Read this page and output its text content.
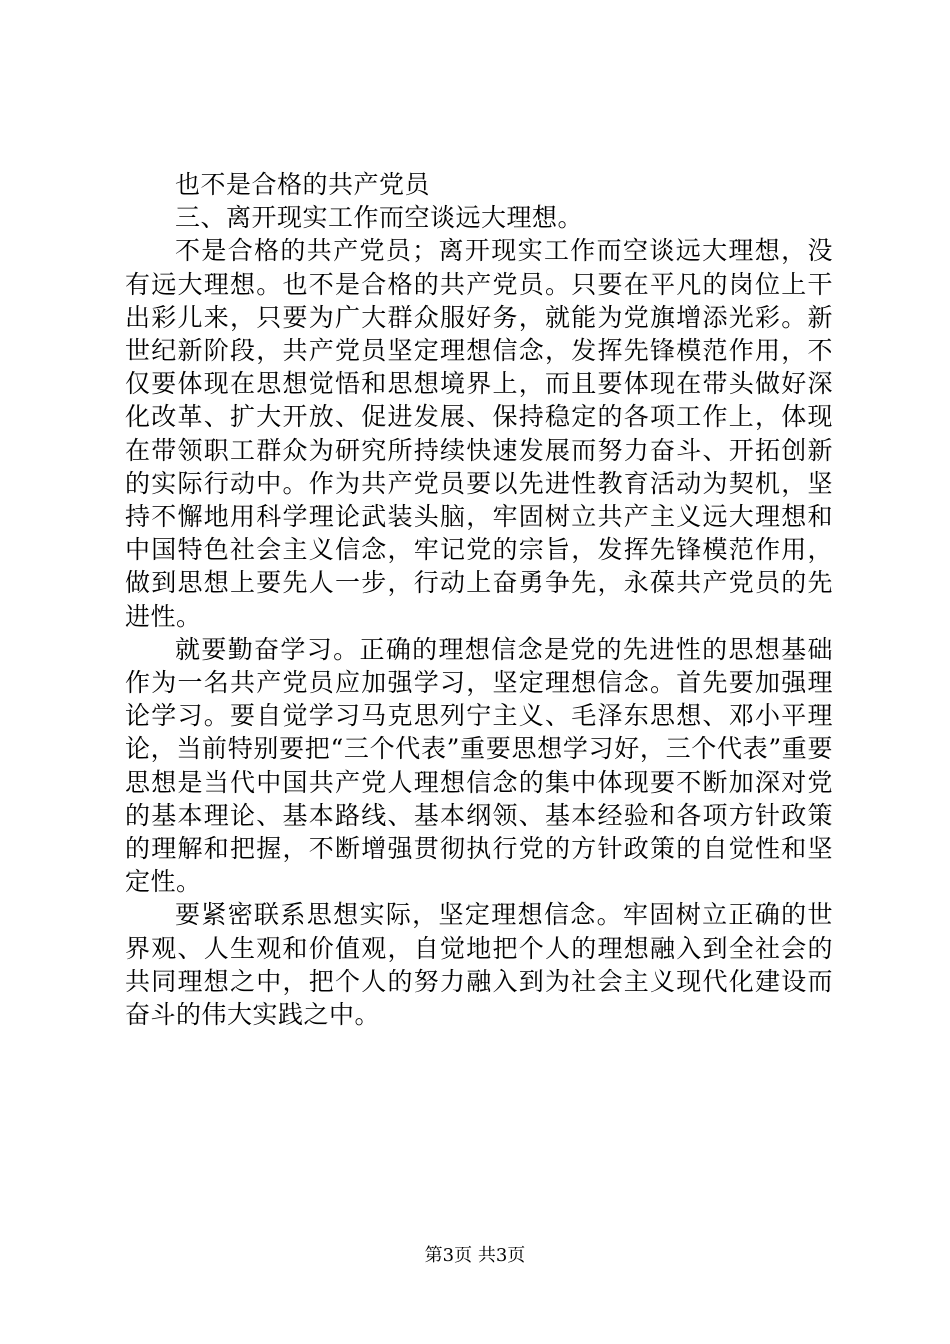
也不是合格的共产党员

三、离开现实工作而空谈远大理想。

不是合格的共产党员；离开现实工作而空谈远大理想，没有远大理想。也不是合格的共产党员。只要在平凡的岗位上干出彩儿来，只要为广大群众服好务，就能为党旗增添光彩。新世纪新阶段，共产党员坚定理想信念，发挥先锋模范作用，不仅要体现在思想觉悟和思想境界上，而且要体现在带头做好深化改革、扩大开放、促进发展、保持稳定的各项工作上，体现在带领职工群众为研究所持续快速发展而努力奋斗、开拓创新的实际行动中。作为共产党员要以先进性教育活动为契机，坚持不懈地用科学理论武装头脑，牢固树立共产主义远大理想和中国特色社会主义信念，牢记党的宗旨，发挥先锋模范作用，做到思想上要先人一步，行动上奋勇争先，永葆共产党员的先进性。

就要勤奋学习。正确的理想信念是党的先进性的思想基础作为一名共产党员应加强学习，坚定理想信念。首先要加强理论学习。要自觉学习马克思列宁主义、毛泽东思想、邓小平理论，当前特别要把“三个代表”重要思想学习好，三个代表”重要思想是当代中国共产党人理想信念的集中体现要不断加深对党的基本理论、基本路线、基本纲领、基本经验和各项方针政策的理解和把握，不断增强贯彻执行党的方针政策的自觉性和坚定性。

要紧密联系思想实际，坚定理想信念。牢固树立正确的世界观、人生观和价值观，自觉地把个人的理想融入到全社会的共同理想之中，把个人的努力融入到为社会主义现代化建设而奋斗的伟大实践之中。

第3页 共3页
